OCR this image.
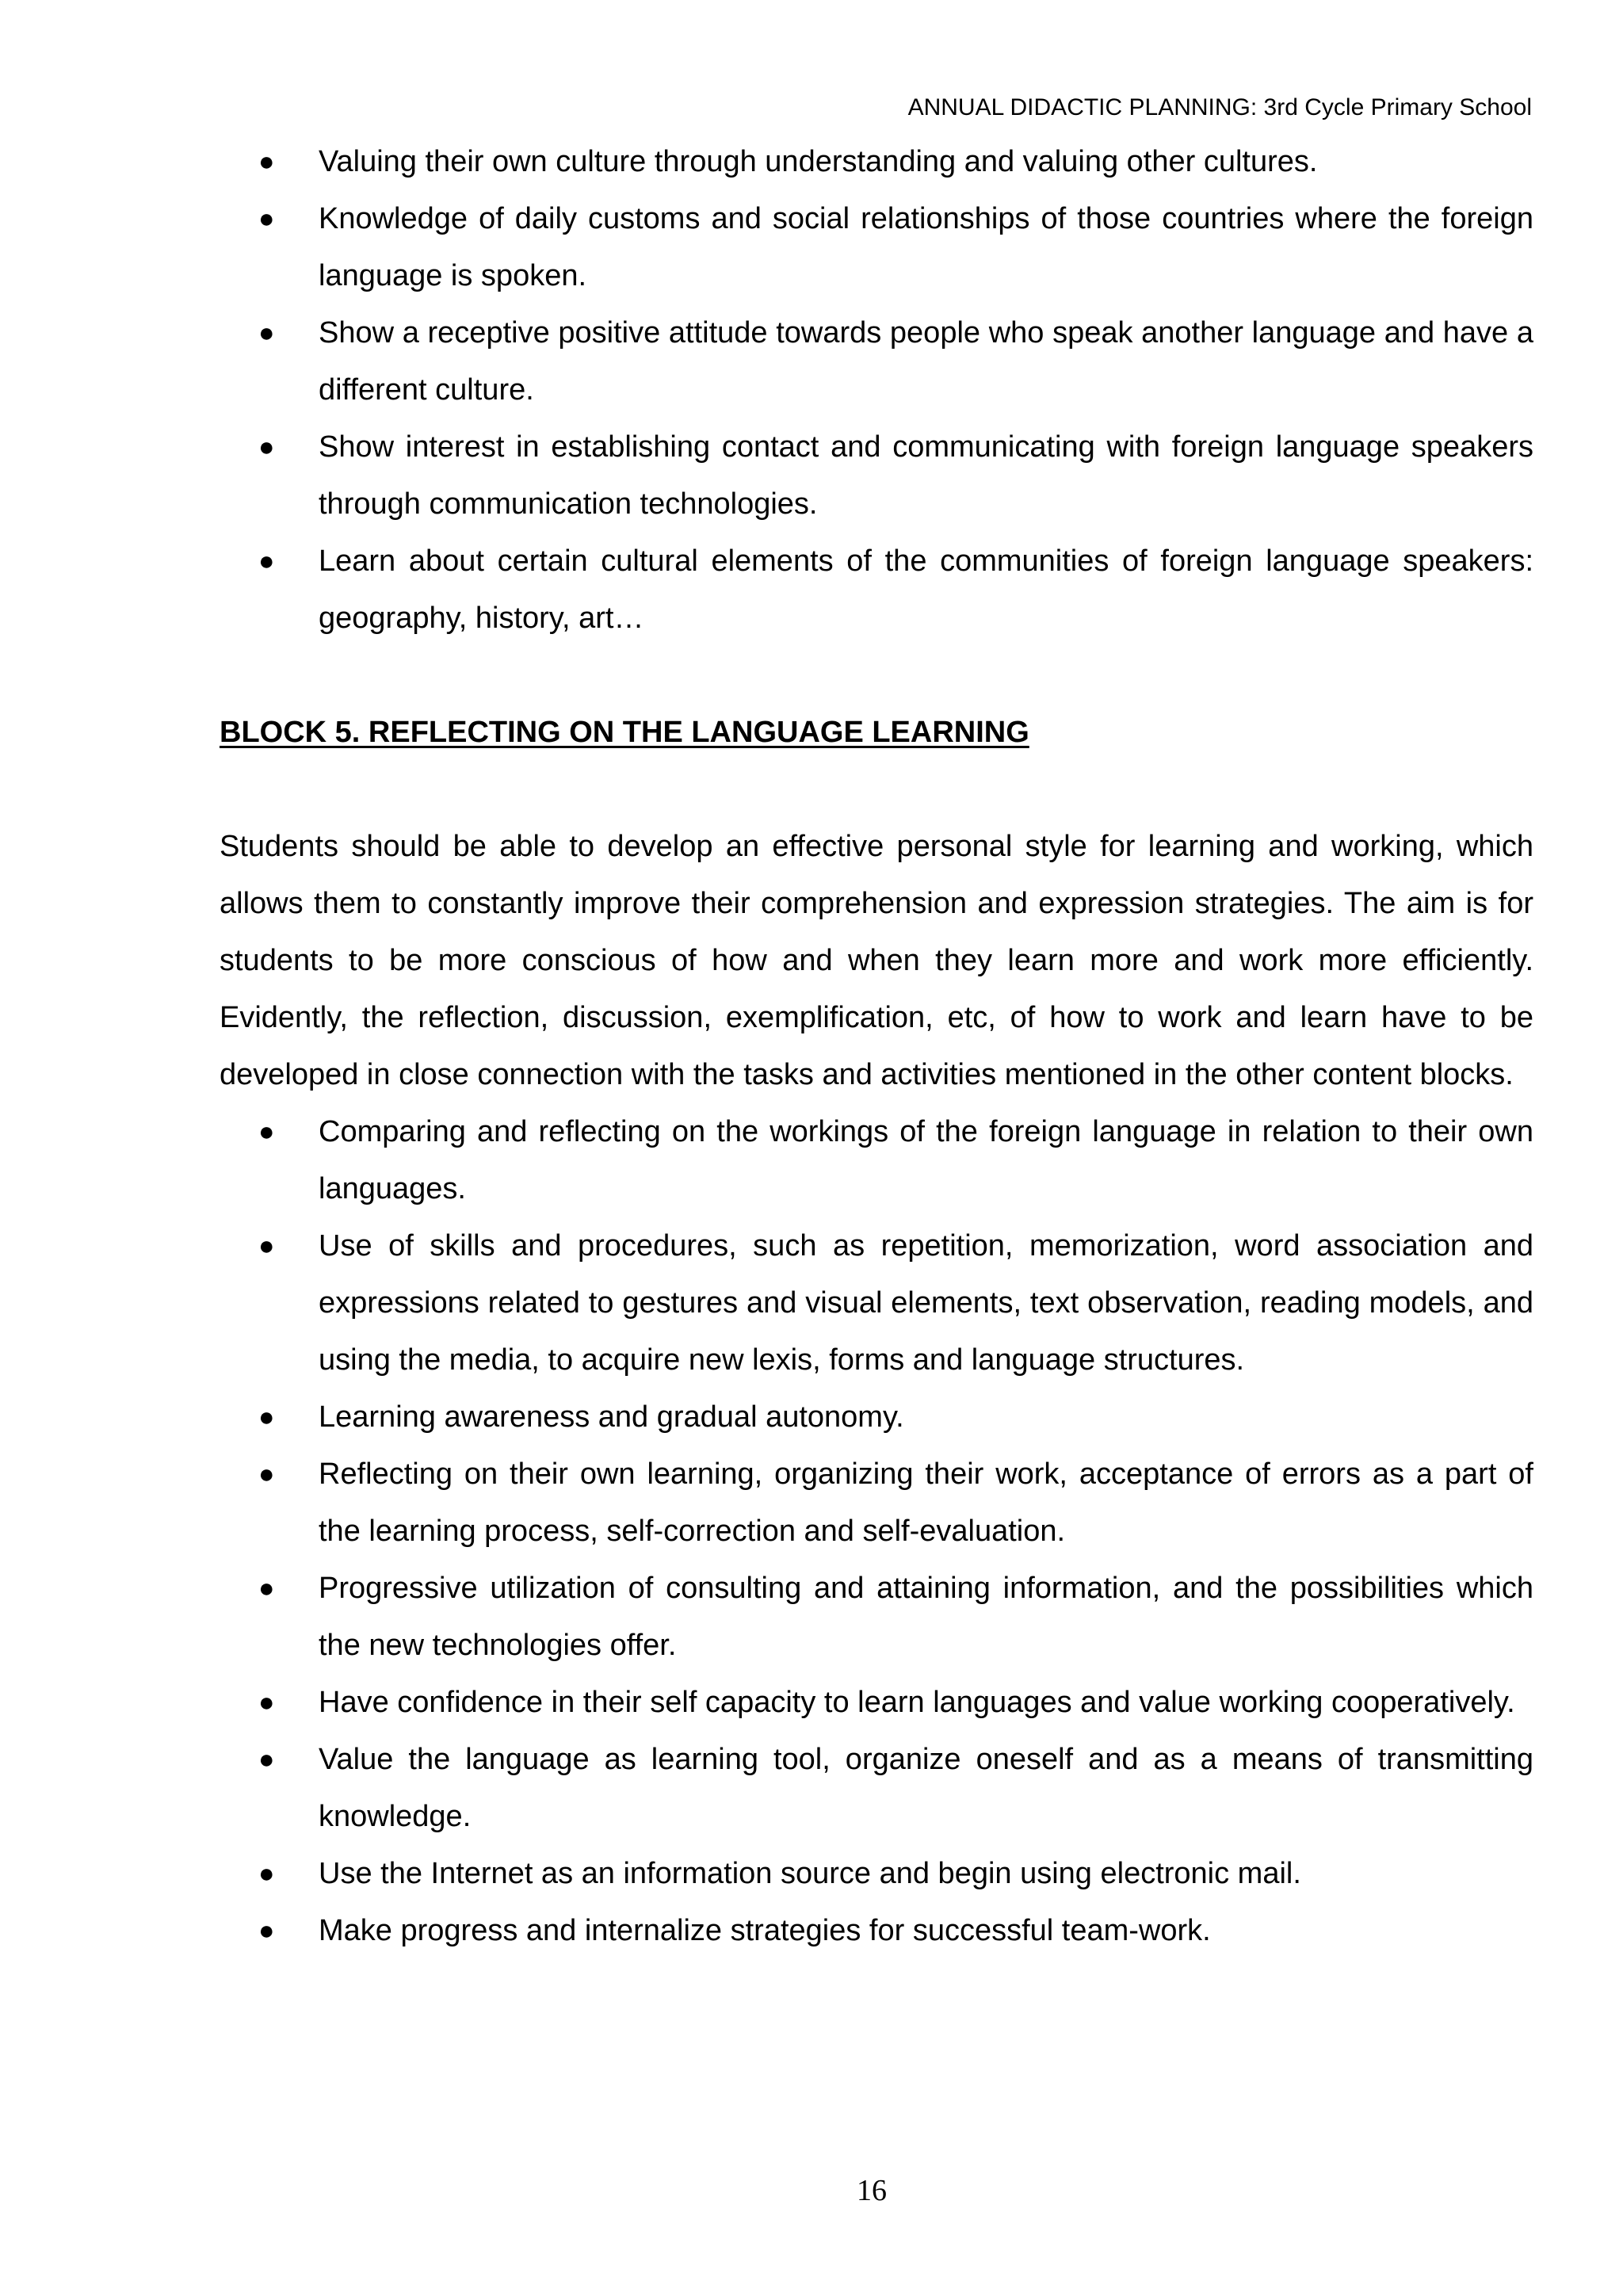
ANNUAL DIDACTIC PLANNING: 3rd Cycle Primary School
● Valuing their own culture through understanding and valuing other cultures.
● Knowledge of daily customs and social relationships of those countries where the foreign language is spoken.
● Show a receptive positive attitude towards people who speak another language and have a different culture.
● Show interest in establishing contact and communicating with foreign language speakers through communication technologies.
● Learn about certain cultural elements of the communities of foreign language speakers: geography, history, art…

BLOCK 5. REFLECTING ON THE LANGUAGE LEARNING

Students should be able to develop an effective personal style for learning and working, which allows them to constantly improve their comprehension and expression strategies. The aim is for students to be more conscious of how and when they learn more and work more efficiently. Evidently, the reflection, discussion, exemplification, etc, of how to work and learn have to be developed in close connection with the tasks and activities mentioned in the other content blocks.

● Comparing and reflecting on the workings of the foreign language in relation to their own languages.
● Use of skills and procedures, such as repetition, memorization, word association and expressions related to gestures and visual elements, text observation, reading models, and using the media, to acquire new lexis, forms and language structures.
● Learning awareness and gradual autonomy.
● Reflecting on their own learning, organizing their work, acceptance of errors as a part of the learning process, self-correction and self-evaluation.
● Progressive utilization of consulting and attaining information, and the possibilities which the new technologies offer.
● Have confidence in their self capacity to learn languages and value working cooperatively.
● Value the language as learning tool, organize oneself and as a means of transmitting knowledge.
● Use the Internet as an information source and begin using electronic mail.
● Make progress and internalize strategies for successful team-work.
16
